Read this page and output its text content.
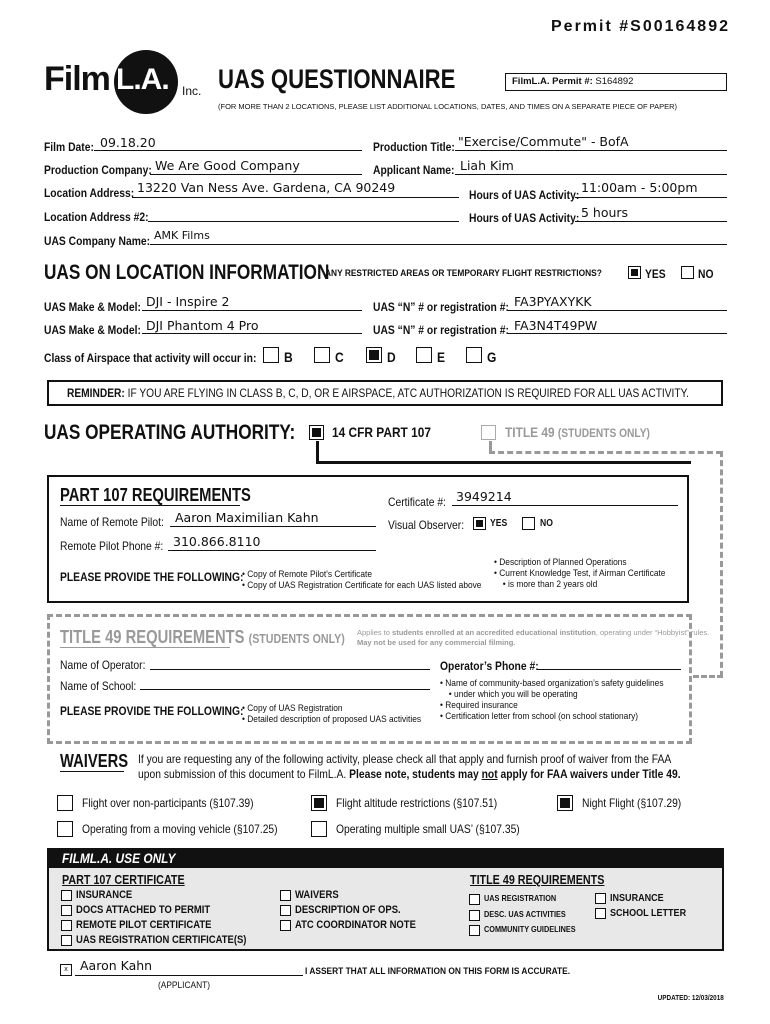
Permit #S00164892
Film L.A. Inc. UAS QUESTIONNAIRE	FilmL.A. Permit #: S164892
(FOR MORE THAN 2 LOCATIONS, PLEASE LIST ADDITIONAL LOCATIONS, DATES, AND TIMES ON A SEPARATE PIECE OF PAPER)
Film Date: 09.18.20	Production Title: "Exercise/Commute" - BofA
Production Company: We Are Good Company	Applicant Name: Liah Kim
Location Address: 13220 Van Ness Ave. Gardena, CA 90249	Hours of UAS Activity: 11:00am - 5:00pm
Location Address #2:	Hours of UAS Activity: 5 hours
UAS Company Name: AMK Films
UAS ON LOCATION INFORMATION
ANY RESTRICTED AREAS OR TEMPORARY FLIGHT RESTRICTIONS?	YES	NO
UAS Make & Model: DJI - Inspire 2	UAS “N” # or registration #: FA3PYAXYKK
UAS Make & Model: DJI Phantom 4 Pro	UAS “N” # or registration #: FA3N4T49PW
Class of Airspace that activity will occur in: B	C	D	E	G
REMINDER: IF YOU ARE FLYING IN CLASS B, C, D, OR E AIRSPACE, ATC AUTHORIZATION IS REQUIRED FOR ALL UAS ACTIVITY.
UAS OPERATING AUTHORITY:	14 CFR PART 107	TITLE 49 (STUDENTS ONLY)
PART 107 REQUIREMENTS	Certificate #: 3949214
Name of Remote Pilot: Aaron Maximilian Kahn	Visual Observer:	YES	NO
Remote Pilot Phone #: 310.866.8110
PLEASE PROVIDE THE FOLLOWING: • Copy of Remote Pilot's Certificate
• Copy of UAS Registration Certificate for each UAS listed above
• Description of Planned Operations
• Current Knowledge Test, if Airman Certificate
• is more than 2 years old
TITLE 49 REQUIREMENTS (STUDENTS ONLY) Applies to students enrolled at an accredited educational institution, operating under “Hobbyist” rules.
May not be used for any commercial filming.
Name of Operator:	Operator’s Phone #:
Name of School:
PLEASE PROVIDE THE FOLLOWING: • Copy of UAS Registration
• Detailed description of proposed UAS activities
• Name of community-based organization’s safety guidelines
• under which you will be operating
• Required insurance
• Certification letter from school (on school stationary)
WAIVERS If you are requesting any of the following activity, please check all that apply and furnish proof of waiver from the FAA
upon submission of this document to FilmL.A. Please note, students may not apply for FAA waivers under Title 49.
Flight over non-participants (§107.39)	Flight altitude restrictions (§107.51)	Night Flight (§107.29)
Operating from a moving vehicle (§107.25)	Operating multiple small UAS’ (§107.35)
FILML.A. USE ONLY
PART 107 CERTIFICATE	TITLE 49 REQUIREMENTS
INSURANCE
DOCS ATTACHED TO PERMIT
REMOTE PILOT CERTIFICATE
UAS REGISTRATION CERTIFICATE(S)
WAIVERS
DESCRIPTION OF OPS.
ATC COORDINATOR NOTE
UAS REGISTRATION
DESC. UAS ACTIVITIES
COMMUNITY GUIDELINES
INSURANCE
SCHOOL LETTER
x Aaron Kahn
(APPLICANT)
I ASSERT THAT ALL INFORMATION ON THIS FORM IS ACCURATE.
UPDATED: 12/03/2018
